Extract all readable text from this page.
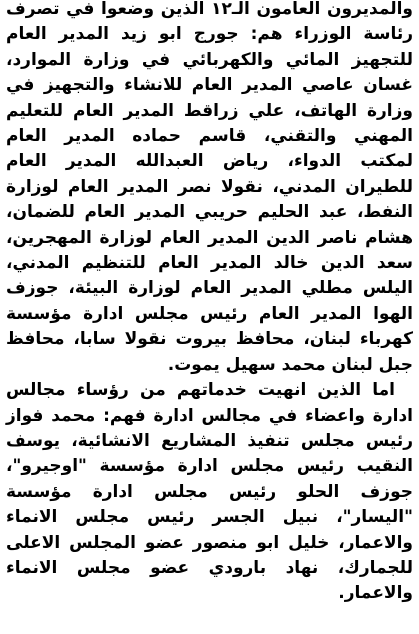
والمديرون العامون الـ١٢ الذين وضعوا في تصرف رئاسة الوزراء هم: جورج ابو زيد المدير العام للتجهيز المائي والكهربائي في وزارة الموارد، غسان عاصي المدير العام للانشاء والتجهيز في وزارة الهاتف، علي زراقط المدير العام للتعليم المهني والتقني، قاسم حماده المدير العام لمكتب الدواء، رياض العبدالله المدير العام للطيران المدني، نقولا نصر المدير العام لوزارة النفط، عبد الحليم حريبي المدير العام للضمان، هشام ناصر الدين المدير العام لوزارة المهجرين، سعد الدين خالد المدير العام للتنظيم المدني، اليلس مطلي المدير العام لوزارة البيئة، جوزف الهوا المدير العام رئيس مجلس ادارة مؤسسة كهرباء لبنان، محافظ بيروت نقولا سابا، محافظ جبل لبنان محمد سهيل يموت.

اما الذين انهيت خدماتهم من رؤساء مجالس ادارة واعضاء في مجالس ادارة فهم: محمد فواز رئيس مجلس تنفيذ المشاريع الانشائية، يوسف النقيب رئيس مجلس ادارة مؤسسة "اوجيرو"، جوزف الحلو رئيس مجلس ادارة مؤسسة "اليسار"، نبيل الجسر رئيس مجلس الانماء والاعمار، خليل ابو منصور عضو المجلس الاعلى للجمارك، نهاد بارودي عضو مجلس الانماء والاعمار.
